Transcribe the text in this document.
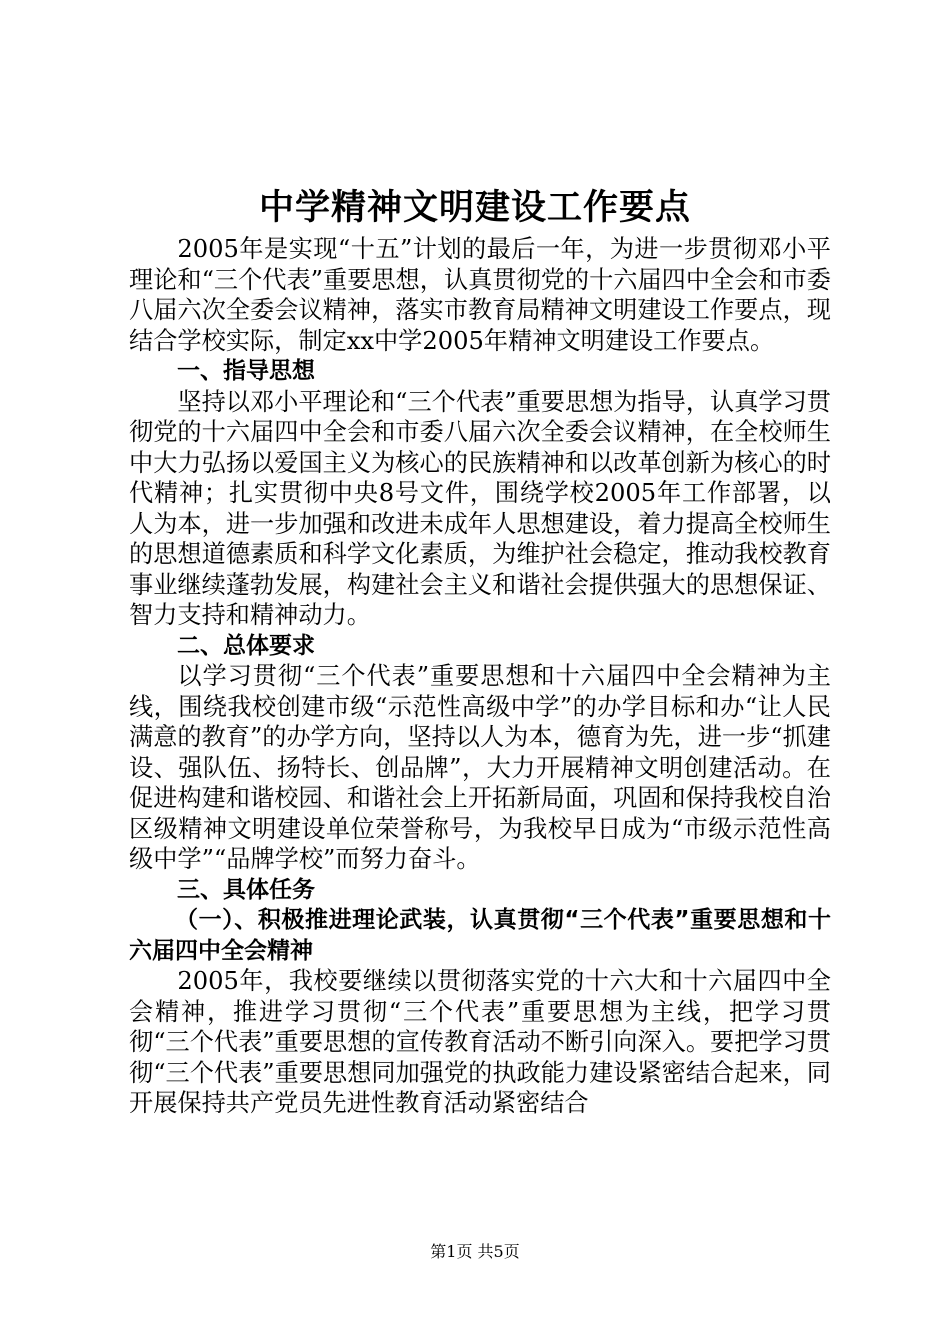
中学精神文明建设工作要点

2005年是实现“十五”计划的最后一年，为进一步贯彻邓小平理论和“三个代表”重要思想，认真贯彻党的十六届四中全会和市委八届六次全委会议精神，落实市教育局精神文明建设工作要点，现结合学校实际，制定xx中学2005年精神文明建设工作要点。

一、指导思想

坚持以邓小平理论和“三个代表”重要思想为指导，认真学习贯彻党的十六届四中全会和市委八届六次全委会议精神，在全校师生中大力弘扬以爱国主义为核心的民族精神和以改革创新为核心的时代精神；扎实贯彻中央8号文件，围绕学校2005年工作部署，以人为本，进一步加强和改进未成年人思想建设，着力提高全校师生的思想道德素质和科学文化素质，为维护社会稳定，推动我校教育事业继续蓬勃发展，构建社会主义和谐社会提供强大的思想保证、智力支持和精神动力。

二、总体要求

以学习贯彻“三个代表”重要思想和十六届四中全会精神为主线，围绕我校创建市级“示范性高级中学”的办学目标和办“让人民满意的教育”的办学方向，坚持以人为本，德育为先，进一步“抓建设、强队伍、扬特长、创品牌”，大力开展精神文明创建活动。在促进构建和谐校园、和谐社会上开拓新局面，巩固和保持我校自治区级精神文明建设单位荣誉称号，为我校早日成为“市级示范性高级中学”“品牌学校”而努力奋斗。

三、具体任务

（一）、积极推进理论武装，认真贯彻“三个代表”重要思想和十六届四中全会精神

2005年，我校要继续以贯彻落实党的十六大和十六届四中全会精神，推进学习贯彻“三个代表”重要思想为主线，把学习贯彻“三个代表”重要思想的宣传教育活动不断引向深入。要把学习贯彻“三个代表”重要思想同加强党的执政能力建设紧密结合起来，同开展保持共产党员先进性教育活动紧密结合

第1页 共5页
